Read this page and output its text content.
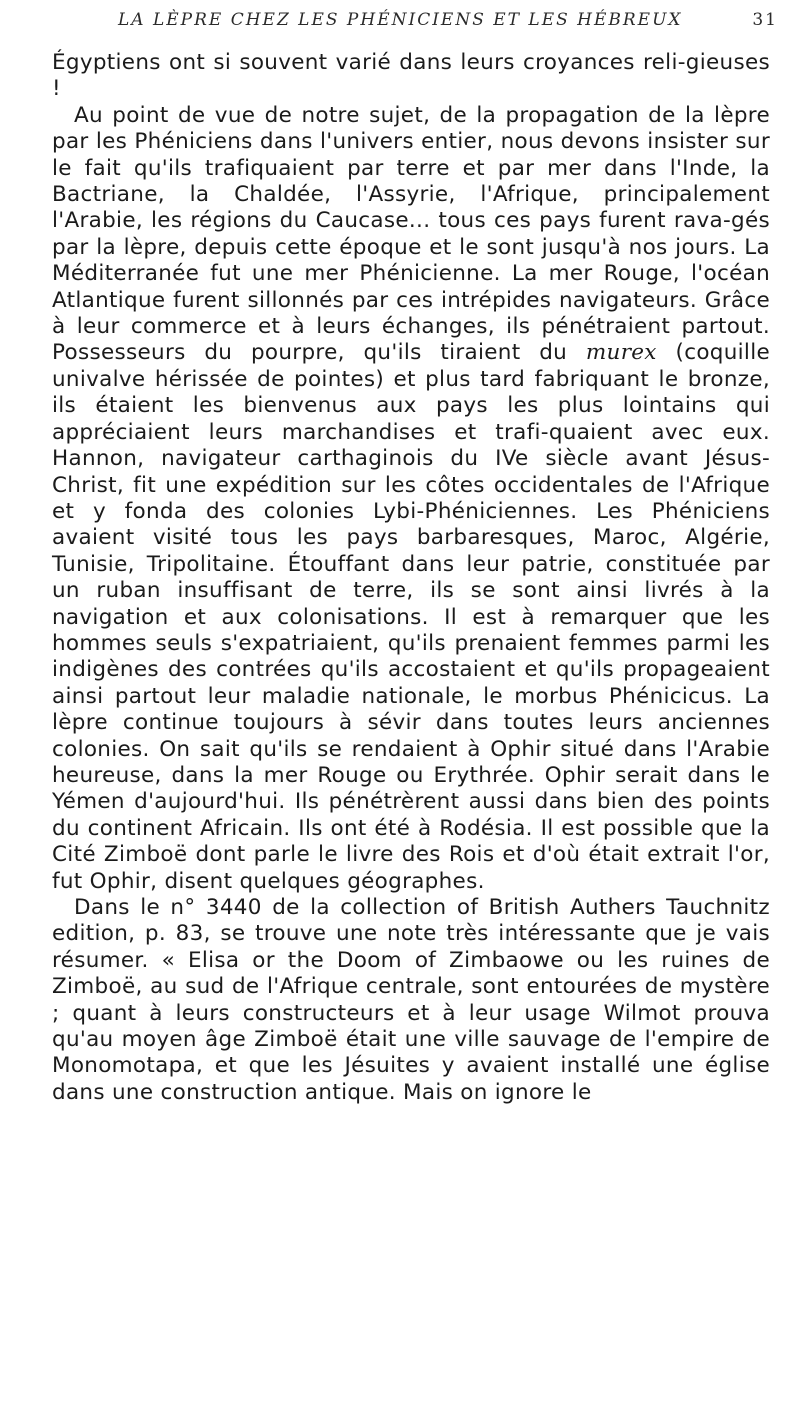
LA LÈPRE CHEZ LES PHÉNICIENS ET LES HÉBREUX	31

Égyptiens ont si souvent varié dans leurs croyances reli-gieuses !

Au point de vue de notre sujet, de la propagation de la lèpre par les Phéniciens dans l'univers entier, nous devons insister sur le fait qu'ils trafiquaient par terre et par mer dans l'Inde, la Bactriane, la Chaldée, l'Assyrie, l'Afrique, principalement l'Arabie, les régions du Caucase... tous ces pays furent rava-gés par la lèpre, depuis cette époque et le sont jusqu'à nos jours. La Méditerranée fut une mer Phénicienne. La mer Rouge, l'océan Atlantique furent sillonnés par ces intrépides navigateurs. Grâce à leur commerce et à leurs échanges, ils pénétraient partout. Possesseurs du pourpre, qu'ils tiraient du murex (coquille univalve hérissée de pointes) et plus tard fabriquant le bronze, ils étaient les bienvenus aux pays les plus lointains qui appréciaient leurs marchandises et trafi-quaient avec eux. Hannon, navigateur carthaginois du IVe siècle avant Jésus-Christ, fit une expédition sur les côtes occidentales de l'Afrique et y fonda des colonies Lybi-Phéniciennes. Les Phéniciens avaient visité tous les pays barbaresques, Maroc, Algérie, Tunisie, Tripolitaine. Étouffant dans leur patrie, constituée par un ruban insuffisant de terre, ils se sont ainsi livrés à la navigation et aux colonisations. Il est à remarquer que les hommes seuls s'expatriaient, qu'ils prenaient femmes parmi les indigènes des contrées qu'ils accostaient et qu'ils propageaient ainsi partout leur maladie nationale, le morbus Phénicicus. La lèpre continue toujours à sévir dans toutes leurs anciennes colonies. On sait qu'ils se rendaient à Ophir situé dans l'Arabie heureuse, dans la mer Rouge ou Erythrée. Ophir serait dans le Yémen d'aujourd'hui. Ils pénétrèrent aussi dans bien des points du continent Africain. Ils ont été à Rodésia. Il est possible que la Cité Zimboë dont parle le livre des Rois et d'où était extrait l'or, fut Ophir, disent quelques géographes.

Dans le n° 3440 de la collection of British Authers Tauchnitz edition, p. 83, se trouve une note très intéressante que je vais résumer. « Elisa or the Doom of Zimbaowe ou les ruines de Zimboë, au sud de l'Afrique centrale, sont entourées de mystère ; quant à leurs constructeurs et à leur usage Wilmot prouva qu'au moyen âge Zimboë était une ville sauvage de l'empire de Monomotapa, et que les Jésuites y avaient installé une église dans une construction antique. Mais on ignore le
